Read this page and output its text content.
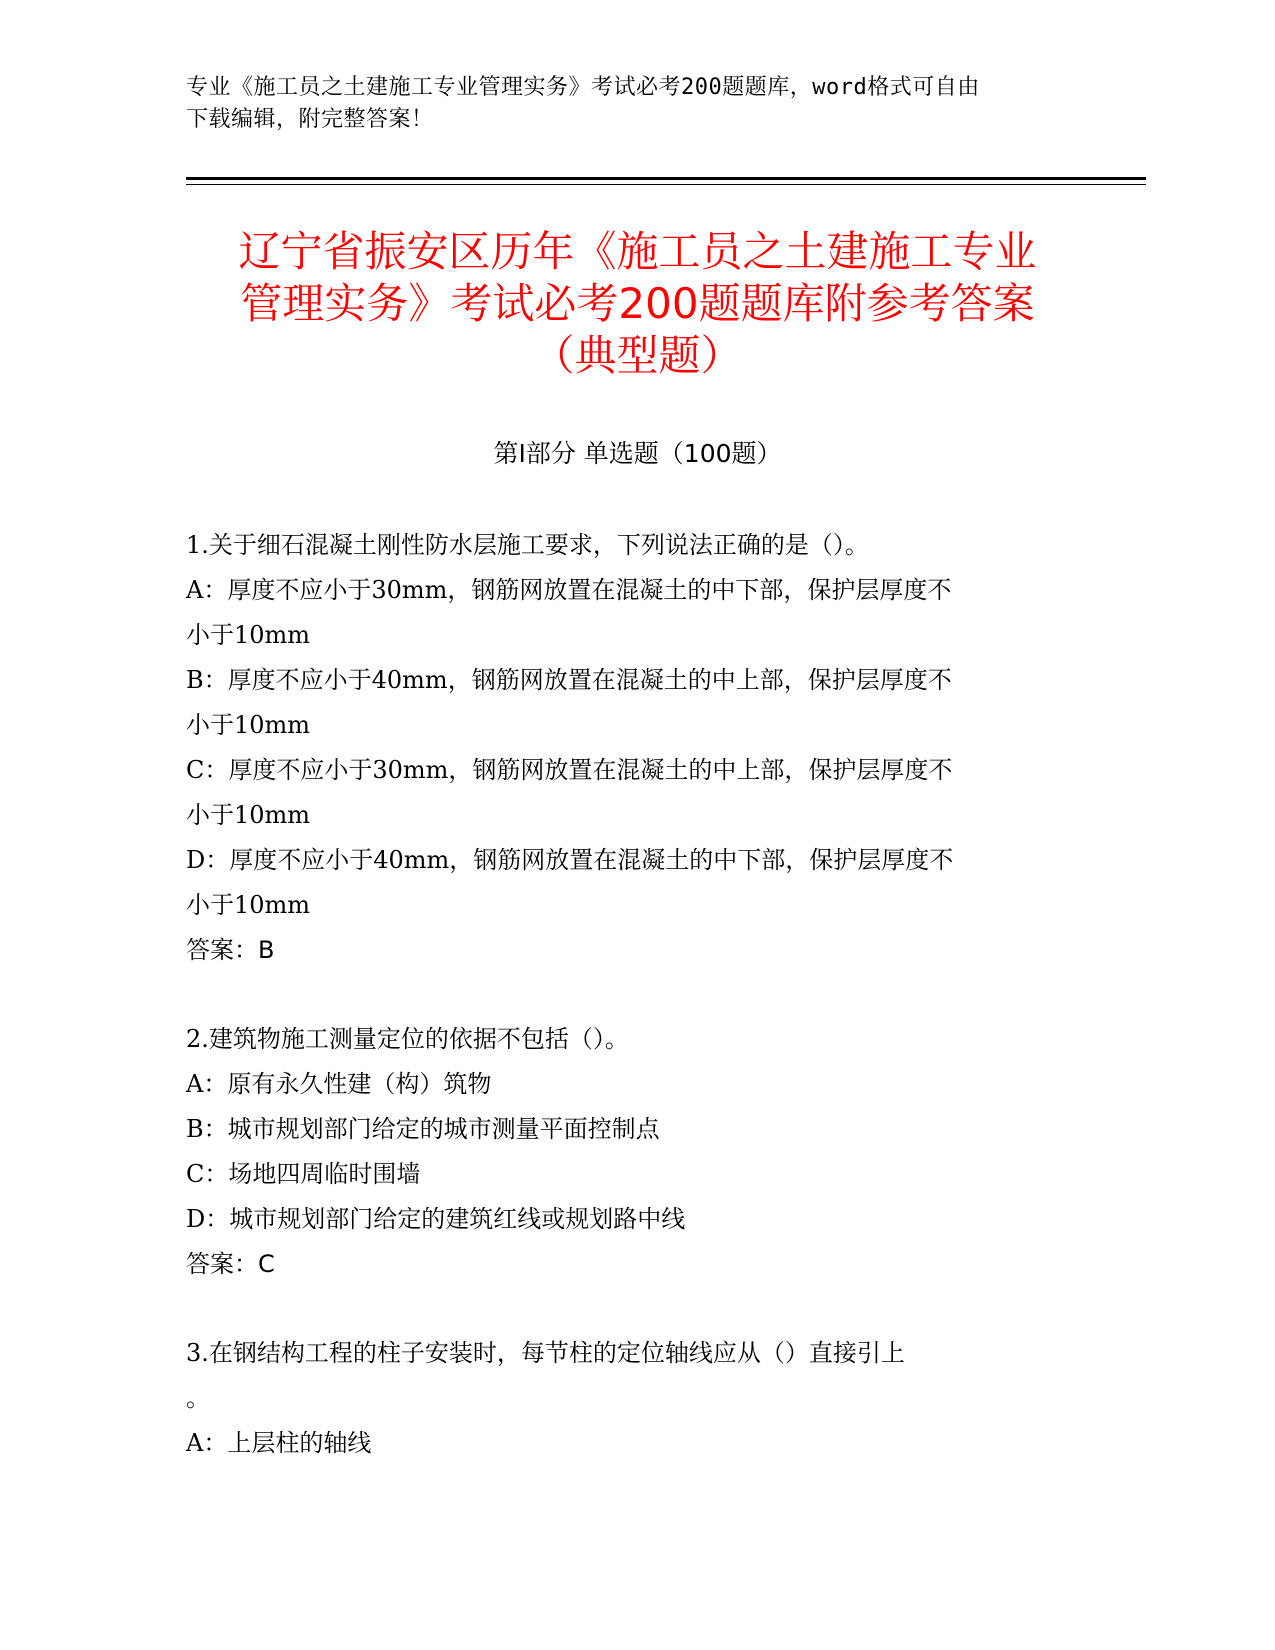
专业《施工员之土建施工专业管理实务》考试必考200题题库，word格式可自由
下载编辑，附完整答案！
辽宁省振安区历年《施工员之土建施工专业
管理实务》考试必考200题题库附参考答案
（典型题）
第Ⅰ部分 单选题（100题）
1.关于细石混凝土刚性防水层施工要求，下列说法正确的是（）。
A：厚度不应小于30mm，钢筋网放置在混凝土的中下部，保护层厚度不
小于10mm
B：厚度不应小于40mm，钢筋网放置在混凝土的中上部，保护层厚度不
小于10mm
C：厚度不应小于30mm，钢筋网放置在混凝土的中上部，保护层厚度不
小于10mm
D：厚度不应小于40mm，钢筋网放置在混凝土的中下部，保护层厚度不
小于10mm
答案：B
2.建筑物施工测量定位的依据不包括（）。
A：原有永久性建（构）筑物
B：城市规划部门给定的城市测量平面控制点
C：场地四周临时围墙
D：城市规划部门给定的建筑红线或规划路中线
答案：C
3.在钢结构工程的柱子安装时，每节柱的定位轴线应从（）直接引上
。
A：上层柱的轴线
